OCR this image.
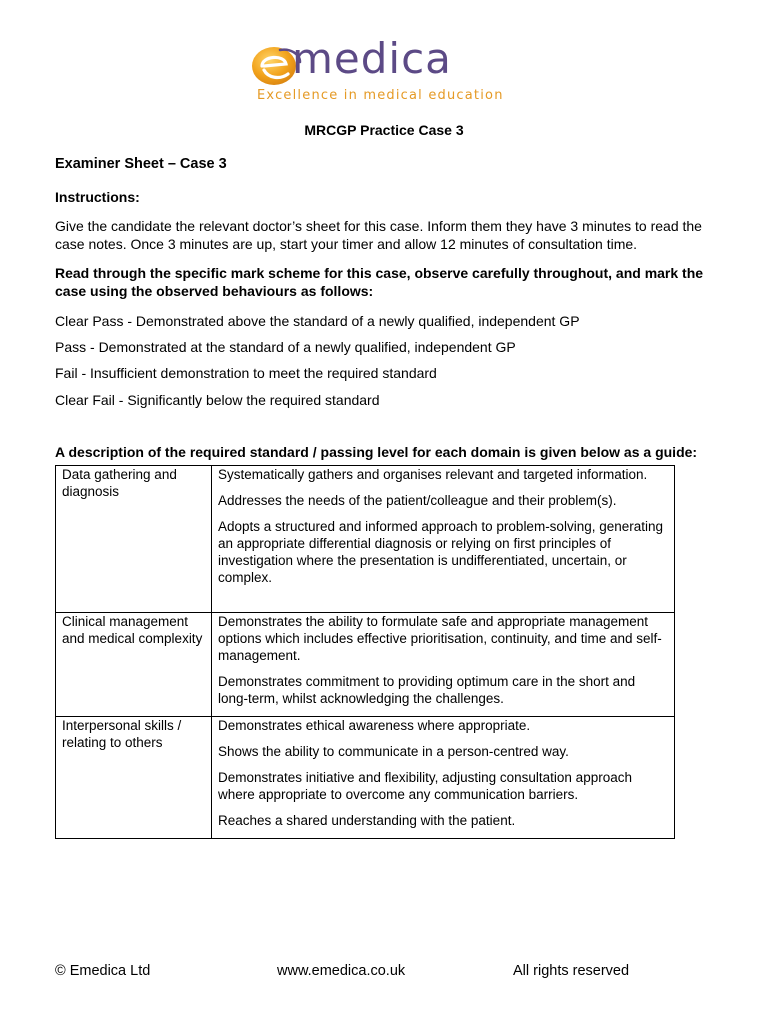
medica
Excellence in medical education
MRCGP Practice Case 3
Examiner Sheet – Case 3
Instructions:
Give the candidate the relevant doctor’s sheet for this case. Inform them they have 3 minutes to read the case notes. Once 3 minutes are up, start your timer and allow 12 minutes of consultation time.
Read through the specific mark scheme for this case, observe carefully throughout, and mark the case using the observed behaviours as follows:
Clear Pass - Demonstrated above the standard of a newly qualified, independent GP
Pass - Demonstrated at the standard of a newly qualified, independent GP
Fail - Insufficient demonstration to meet the required standard
Clear Fail - Significantly below the required standard
A description of the required standard / passing level for each domain is given below as a guide:
Data gathering and diagnosis	Systematically gathers and organises relevant and targeted information.

Addresses the needs of the patient/colleague and their problem(s).

Adopts a structured and informed approach to problem-solving, generating an appropriate differential diagnosis or relying on first principles of investigation where the presentation is undifferentiated, uncertain, or complex.

Clinical management and medical complexity	Demonstrates the ability to formulate safe and appropriate management options which includes effective prioritisation, continuity, and time and self-management.

Demonstrates commitment to providing optimum care in the short and long-term, whilst acknowledging the challenges.

Interpersonal skills / relating to others	Demonstrates ethical awareness where appropriate.

Shows the ability to communicate in a person-centred way.

Demonstrates initiative and flexibility, adjusting consultation approach where appropriate to overcome any communication barriers.

Reaches a shared understanding with the patient.

© Emedica Ltd	www.emedica.co.uk	All rights reserved
